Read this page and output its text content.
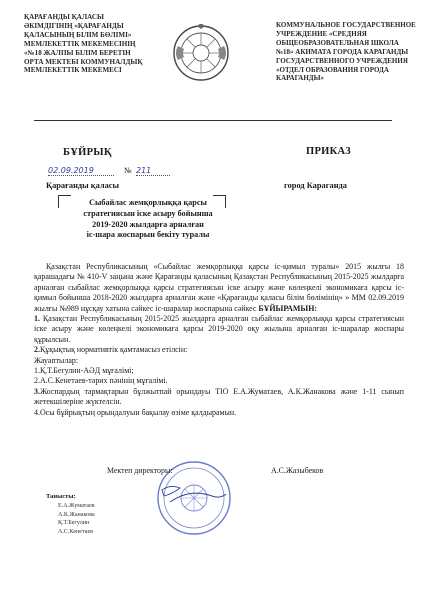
ҚАРАҒАНДЫ ҚАЛАСЫ
ӘКІМДІГІНІҢ «ҚАРАҒАНДЫ
ҚАЛАСЫНЫҢ БІЛІМ БӨЛІМІ»
МЕМЛЕКЕТТІК МЕКЕМЕСІНІҢ
«№18 ЖАЛПЫ БІЛІМ БЕРЕТІН
ОРТА МЕКТЕБІ КОММУНАЛДЫҚ
МЕМЛЕКЕТТІК МЕКЕМЕСІ
КОММУНАЛЬНОЕ ГОСУДАРСТВЕННОЕ
УЧРЕЖДЕНИЕ «СРЕДНЯЯ
ОБЩЕОБРАЗОВАТЕЛЬНАЯ ШКОЛА
№18» АКИМАТА ГОРОДА КАРАГАНДЫ
ГОСУДАРСТВЕННОГО УЧРЕЖДЕНИЯ
«ОТДЕЛ ОБРАЗОВАНИЯ ГОРОДА
КАРАГАНДЫ»
БҰЙРЫҚ	ПРИКАЗ
02.09.2019	№ 211
Қарағанды қаласы	город Караганда
Сыбайлас жемқорлыққа қарсы
стратегиясын іске асыру бойынша
2019-2020 жылдарға арналған
іс-шара жоспарын бекіту туралы

Қазақстан Республикасының «Сыбайлас жемқорлыққа қарсы іс-қимыл туралы» 2015 жылғы 18 қарашадағы № 410-V заңына және Қарағанды қаласының Қазақстан Республикасының 2015-2025 жылдарға арналған сыбайлас жемқорлыққа қарсы стратегиясын іске асыру және көлеңкелі экономикаға қарсы іс-қимыл бойынша 2018-2020 жылдарға арналған және «Қарағанды қаласы білім бөлімінің» » ММ 02.09.2019 жылғы №989 нұсқау хатына сәйкес іс-шаралар жоспарына сәйкес БҰЙЫРАМЫН:

1. Қазақстан Республикасының 2015-2025 жылдарға арналған сыбайлас жемқорлыққа қарсы стратегиясын іске асыру және көлеңкелі экономикаға қарсы 2019-2020 оқу жылына арналған іс-шаралар жоспары құрылсын.

2.Құқықтық нормативтік қамтамасыз етілсін:

Жауаптылар:

1.Қ.Т.Бегулин-АӘД мұғалімі;

2.А.С.Кенетаев-тарих пәнінің мұғалімі.

3.Жоспардың тармақтарын бұлжытпай орындауы ТІО Е.А.Жуматаев, А.К.Жанакова және 1-11 сынып жетекшілеріне жүктелсін.

4.Осы бұйрықтың орындалуын бақылау өзіме қалдырамын.

Мектеп директоры:	А.С.Жазыбеков
Танысты:
Е.А.Жуматаев
А.К.Жанакова
Қ.Т.Бегулин
А.С.Кенетаев
